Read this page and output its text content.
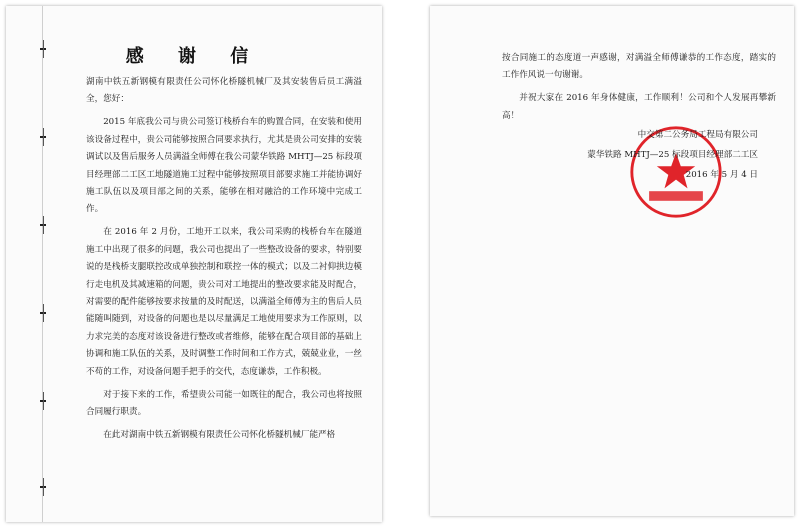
感 谢 信

湖南中铁五新钢模有限责任公司怀化桥隧机械厂及其安装售后员工满溢全，您好：

2015 年底我公司与贵公司签订栈桥台车的购置合同，在安装和使用该设备过程中，贵公司能够按照合同要求执行，尤其是贵公司安排的安装调试以及售后服务人员满溢全师傅在我公司蒙华铁路 MHTJ—25 标段项目经理部二工区工地隧道施工过程中能够按照项目部要求施工并能协调好施工队伍以及项目部之间的关系，能够在相对融洽的工作环境中完成工作。

在 2016 年 2 月份，工地开工以来，我公司采购的栈桥台车在隧道施工中出现了很多的问题，我公司也提出了一些整改设备的要求，特别要说的是栈桥支腿联控改成单独控制和联控一体的模式；以及二衬仰拱边模行走电机及其减速箱的问题，贵公司对工地提出的整改要求能及时配合，对需要的配件能够按要求按量的及时配送，以满溢全师傅为主的售后人员能随叫随到，对设备的问题也是以尽量满足工地使用要求为工作原则，以力求完美的态度对该设备进行整改或者维修，能够在配合项目部的基础上协调和施工队伍的关系，及时调整工作时间和工作方式，兢兢业业，一丝不苟的工作，对设备问题手把手的交代，态度谦恭，工作积极。

对于接下来的工作，希望贵公司能一如既往的配合，我公司也将按照合同履行职责。

在此对湖南中铁五新钢模有限责任公司怀化桥隧机械厂能严格

按合同施工的态度道一声感谢，对满溢全师傅谦恭的工作态度，踏实的工作作风说一句谢谢。

并祝大家在 2016 年身体健康，工作顺利！公司和个人发展再攀新高！

中交第二公务局工程局有限公司
蒙华铁路 MHTJ—25 标段项目经理部二工区
2016 年 5 月 4 日
